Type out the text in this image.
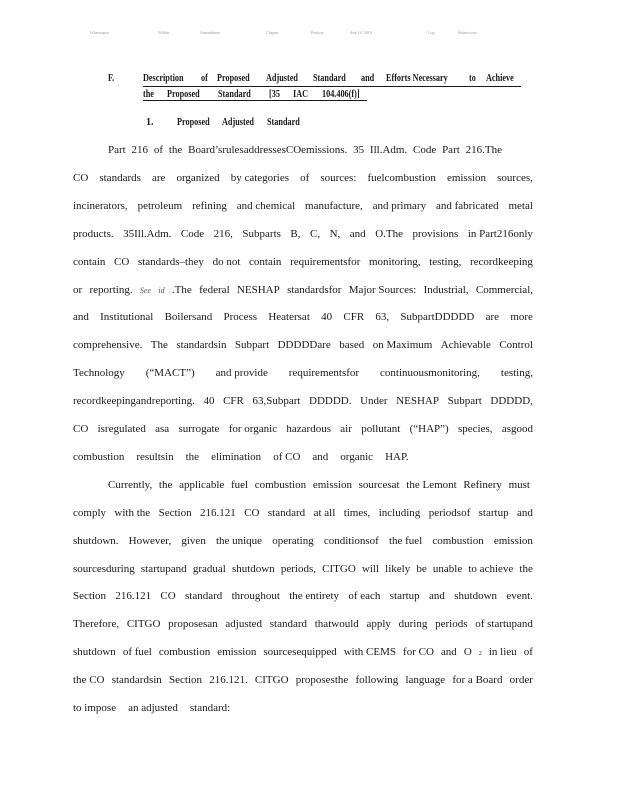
Whereupon	Within	Amendment	Chapter	Petition	date 14/ 2016	Log	Submission
F.	Description of Proposed Adjusted Standard and Efforts Necessary to Achieve
the Proposed Standard [35 IAC 104.406(f)]
1. Proposed Adjusted Standard
Part 216 of the Board’srulesaddressesCOemissions. 35 Ill.Adm. Code Part 216.The
CO standards are organized by categories of sources: fuelcombustion emission sources,
incinerators, petroleum refining and chemical manufacture, and primary and fabricated metal
products. 35Ill.Adm. Code 216, Subparts B, C, N, and O.The provisions in Part216only
contain CO standards–they do not contain requirementsfor monitoring, testing, recordkeeping
or reporting. See id .The federal NESHAP standardsfor Major Sources: Industrial, Commercial,
and Institutional Boilersand Process Heatersat 40 CFR 63, SubpartDDDDD are more
comprehensive. The standardsin Subpart DDDDDare based on Maximum Achievable Control
Technology (“MACT”) and provide requirementsfor continuousmonitoring, testing,
recordkeepingandreporting. 40 CFR 63,Subpart DDDDD. Under NESHAP Subpart DDDDD,
CO isregulated asa surrogate for organic hazardous air pollutant (“HAP”) species, asgood
combustion resultsin the elimination of CO and organic HAP.
Currently, the applicable fuel combustion emission sourcesat the Lemont Refinery must
comply with the Section 216.121 CO standard at all times, including periodsof startup and
shutdown. However, given the unique operating conditionsof the fuel combustion emission
sourcesduring startupand gradual shutdown periods, CITGO will likely be unable to achieve the
Section 216.121 CO standard throughout the entirety of each startup and shutdown event.
Therefore, CITGO proposesan adjusted standard thatwould apply during periods of startupand
shutdown of fuel combustion emission sourcesequipped with CEMS for CO and O 2 in lieu of
the CO standardsin Section 216.121. CITGO proposesthe following language for a Board order
to impose an adjusted standard:
